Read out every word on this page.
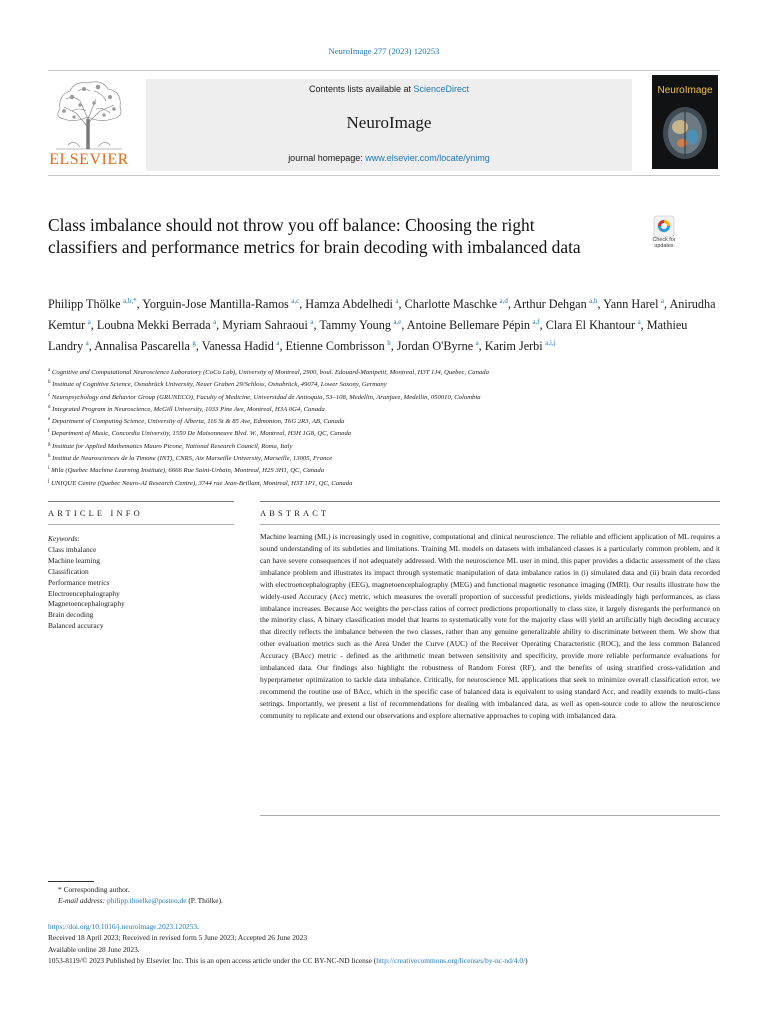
NeuroImage 277 (2023) 120253
ELSEVIER
Contents lists available at ScienceDirect
NeuroImage
journal homepage: www.elsevier.com/locate/ynimg
NeuroImage
Class imbalance should not throw you off balance: Choosing the right classifiers and performance metrics for brain decoding with imbalanced data	Check for updates
Philipp Thölke  $^{a,b,*}$, Yorguin-Jose Mantilla-Ramos  $^{a,c}$, Hamza Abdelhedi  $^a$, Charlotte Maschke  $^{a,d}$, Arthur Dehgan  $^{a,h}$, Yann Harel  $^a$, Anirudha Kemtur  $^a$, Loubna Mekki Berrada  $^a$, Myriam Sahraoui  $^a$, Tammy Young  $^{a,e}$, Antoine Bellemare Pépin  $^{a,f}$, Clara El Khantour  $^a$, Mathieu Landry  $^a$, Annalisa Pascarella  $^g$, Vanessa Hadid  $^a$, Etienne Combrisson  $^h$, Jordan O'Byrne  $^a$, Karim Jerbi  $^{a,i,j}$
$^a$ Cognitive and Computational Neuroscience Laboratory (CoCo Lab), University of Montreal, 2900, boul. Edouard-Montpetit, Montreal, H3T 1J4, Quebec, Canada
$^b$ Institute of Cognitive Science, Osnabrück University, Neuer Graben 29/Schloss, Osnabrück, 49074, Lower Saxony, Germany
$^c$ Neuropsychology and Behavior Group (GRUNECO), Faculty of Medicine, Universidad de Antioquia, 53–108, Medellin, Aranjuez, Medellin, 050010, Colombia
$^d$ Integrated Program in Neuroscience, McGill University, 1033 Pine Ave, Montreal, H3A 0G4, Canada
$^e$ Department of Computing Science, University of Alberta, 116 St & 85 Ave, Edmonton, T6G 2R3, AB, Canada
$^f$ Department of Music, Concordia University, 1550 De Maisonneuve Blvd. W., Montreal, H3H 1G8, QC, Canada
$^g$ Institute for Applied Mathematics Mauro Picone, National Research Council, Roma, Italy
$^h$ Institut de Neurosciences de la Timone (INT), CNRS, Aix Marseille University, Marseille, 13005, France
$^i$ Mila (Quebec Machine Learning Institute), 6666 Rue Saint-Urbain, Montreal, H2S 3H1, QC, Canada
$^j$ UNIQUE Centre (Quebec Neuro-AI Research Centre), 3744 rue Jean-Brillant, Montreal, H3T 1P1, QC, Canada
ARTICLE INFO	ABSTRACT
Keywords:
Class imbalance
Machine learning
Classification
Performance metrics
Electroencephalography
Magnetoencephalography
Brain decoding
Balanced accuracy
Machine learning (ML) is increasingly used in cognitive, computational and clinical neuroscience. The reliable and efficient application of ML requires a sound understanding of its subtleties and limitations. Training ML models on datasets with imbalanced classes is a particularly common problem, and it can have severe consequences if not adequately addressed. With the neuroscience ML user in mind, this paper provides a didactic assessment of the class imbalance problem and illustrates its impact through systematic manipulation of data imbalance ratios in (i) simulated data and (ii) brain data recorded with electroencephalography (EEG), magnetoencephalography (MEG) and functional magnetic resonance imaging (fMRI). Our results illustrate how the widely-used Accuracy (Acc) metric, which measures the overall proportion of successful predictions, yields misleadingly high performances, as class imbalance increases. Because Acc weights the per-class ratios of correct predictions proportionally to class size, it largely disregards the performance on the minority class. A binary classification model that learns to systematically vote for the majority class will yield an artificially high decoding accuracy that directly reflects the imbalance between the two classes, rather than any genuine generalizable ability to discriminate between them. We show that other evaluation metrics such as the Area Under the Curve (AUC) of the Receiver Operating Characteristic (ROC), and the less common Balanced Accuracy (BAcc) metric - defined as the arithmetic mean between sensitivity and specificity, provide more reliable performance evaluations for imbalanced data. Our findings also highlight the robustness of Random Forest (RF), and the benefits of using stratified cross-validation and hyperprameter optimization to tackle data imbalance. Critically, for neuroscience ML applications that seek to minimize overall classification error, we recommend the routine use of BAcc, which in the specific case of balanced data is equivalent to using standard Acc, and readily extends to multi-class settings. Importantly, we present a list of recommendations for dealing with imbalanced data, as well as open-source code to allow the neuroscience community to replicate and extend our observations and explore alternative approaches to coping with imbalanced data.
* Corresponding author.
E-mail address: philipp.thoelke@posteo.de (P. Thölke).
https://doi.org/10.1016/j.neuroimage.2023.120253.
Received 18 April 2023; Received in revised form 5 June 2023; Accepted 26 June 2023
Available online 28 June 2023.
1053-8119/© 2023 Published by Elsevier Inc. This is an open access article under the CC BY-NC-ND license (http://creativecommons.org/licenses/by-nc-nd/4.0/)
